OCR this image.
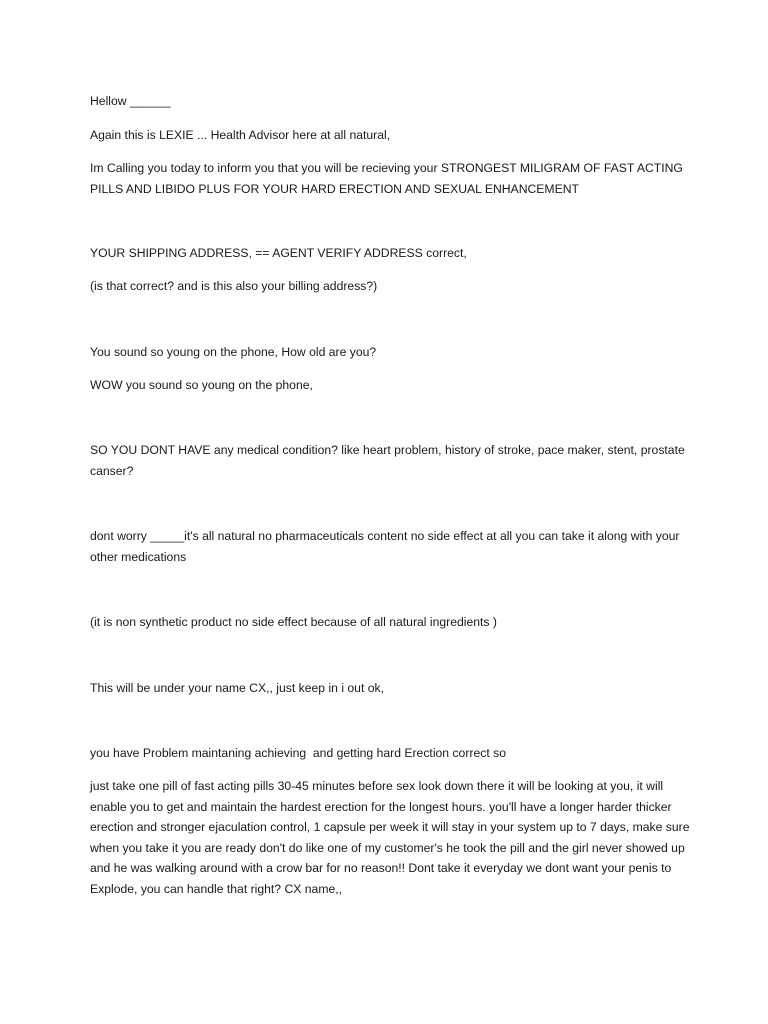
Hellow ______

Again this is LEXIE ... Health Advisor here at all natural,

Im Calling you today to inform you that you will be recieving your STRONGEST MILIGRAM OF FAST ACTING PILLS AND LIBIDO PLUS FOR YOUR HARD ERECTION AND SEXUAL ENHANCEMENT

YOUR SHIPPING ADDRESS, == AGENT VERIFY ADDRESS correct,

(is that correct? and is this also your billing address?)

You sound so young on the phone, How old are you?

WOW you sound so young on the phone,

SO YOU DONT HAVE any medical condition? like heart problem, history of stroke, pace maker, stent, prostate canser?

dont worry _____it's all natural no pharmaceuticals content no side effect at all you can take it along with your other medications

(it is non synthetic product no side effect because of all natural ingredients )

This will be under your name CX,, just keep in i out ok,

you have Problem maintaning achieving  and getting hard Erection correct so

just take one pill of fast acting pills 30-45 minutes before sex look down there it will be looking at you, it will enable you to get and maintain the hardest erection for the longest hours. you'll have a longer harder thicker erection and stronger ejaculation control, 1 capsule per week it will stay in your system up to 7 days, make sure when you take it you are ready don't do like one of my customer's he took the pill and the girl never showed up and he was walking around with a crow bar for no reason!! Dont take it everyday we dont want your penis to Explode, you can handle that right? CX name,,
